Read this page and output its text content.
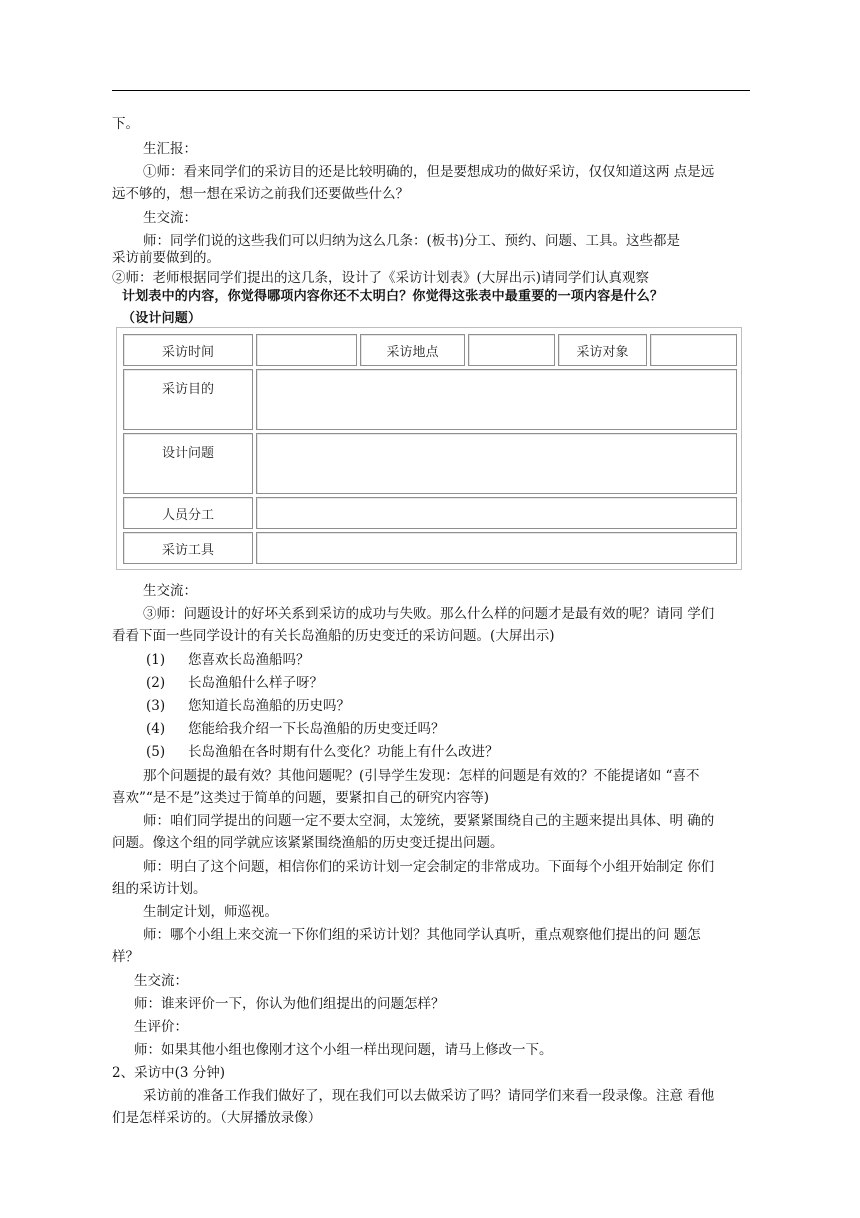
下。
生汇报：
①师：看来同学们的采访目的还是比较明确的，但是要想成功的做好采访，仅仅知道这两 点是远
远不够的，想一想在采访之前我们还要做些什么？
生交流：
师：同学们说的这些我们可以归纳为这么几条：(板书)分工、预约、问题、工具。这些都是
采访前要做到的。
②师：老师根据同学们提出的这几条，设计了《采访计划表》(大屏出示)请同学们认真观察
计划表中的内容，你觉得哪项内容你还不太明白？你觉得这张表中最重要的一项内容是什么？
（设计问题）
采访时间		采访地点		采访对象	
采访目的					
设计问题					
人员分工					
采访工具					
生交流：
③师：问题设计的好坏关系到采访的成功与失败。那么什么样的问题才是最有效的呢？请同 学们
看看下面一些同学设计的有关长岛渔船的历史变迁的采访问题。(大屏出示)
(1) 您喜欢长岛渔船吗？
(2) 长岛渔船什么样子呀？
(3) 您知道长岛渔船的历史吗？
(4) 您能给我介绍一下长岛渔船的历史变迁吗？
(5) 长岛渔船在各时期有什么变化？功能上有什么改进？
那个问题提的最有效？其他问题呢？(引导学生发现：怎样的问题是有效的？不能提诸如 “喜不
喜欢”“是不是”这类过于简单的问题，要紧扣自己的研究内容等)
师：咱们同学提出的问题一定不要太空洞，太笼统，要紧紧围绕自己的主题来提出具体、明 确的
问题。像这个组的同学就应该紧紧围绕渔船的历史变迁提出问题。
师：明白了这个问题，相信你们的采访计划一定会制定的非常成功。下面每个小组开始制定 你们
组的采访计划。
生制定计划，师巡视。
师：哪个小组上来交流一下你们组的采访计划？其他同学认真听，重点观察他们提出的问 题怎
样？
生交流：
师：谁来评价一下，你认为他们组提出的问题怎样？
生评价：
师：如果其他小组也像刚才这个小组一样出现问题，请马上修改一下。
2、采访中(3 分钟)
采访前的准备工作我们做好了，现在我们可以去做采访了吗？请同学们来看一段录像。注意 看他
们是怎样采访的。（大屏播放录像）
